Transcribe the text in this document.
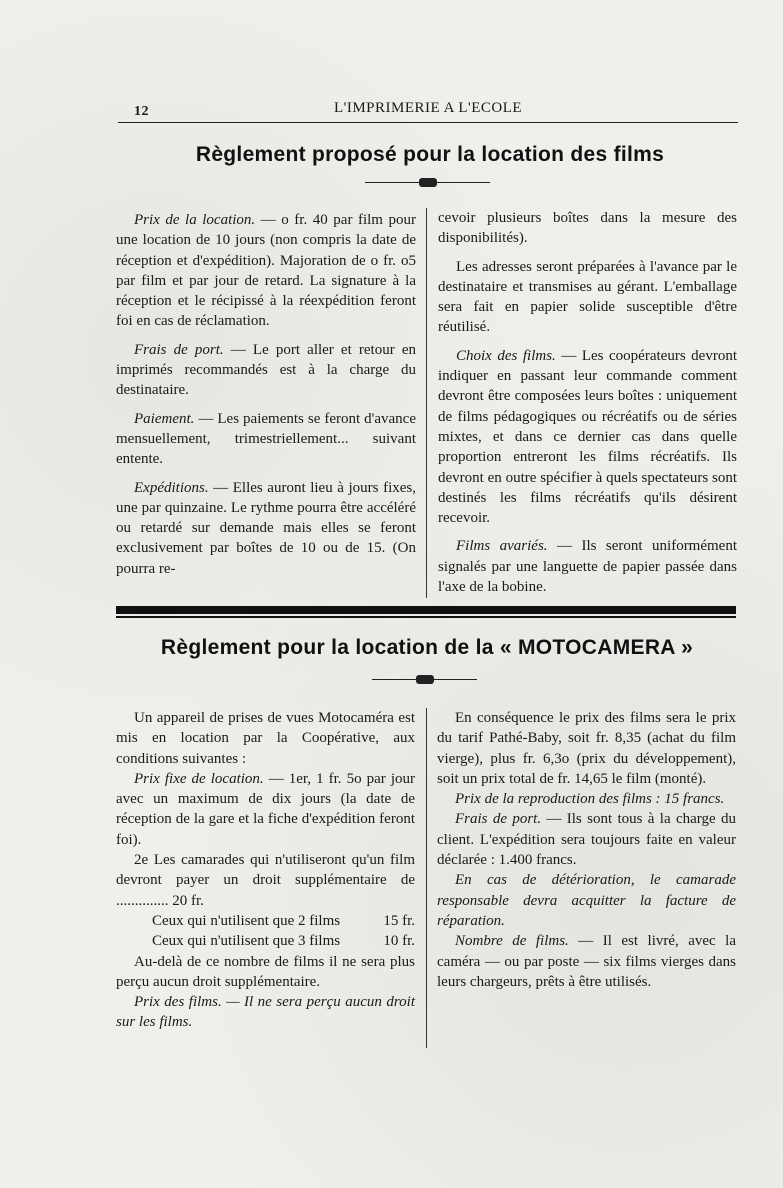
12	L'IMPRIMERIE A L'ECOLE
Règlement proposé pour la location des films

Prix de la location. — o fr. 40 par film pour une location de 10 jours (non compris la date de réception et d'expédition). Majoration de o fr. o5 par film et par jour de retard. La signature à la réception et le récipissé à la réexpédition feront foi en cas de réclamation.

Frais de port. — Le port aller et retour en imprimés recommandés est à la charge du destinataire.

Paiement. — Les paiements se feront d'avance mensuellement, trimestriellement... suivant entente.

Expéditions. — Elles auront lieu à jours fixes, une par quinzaine. Le rythme pourra être accéléré ou retardé sur demande mais elles se feront exclusivement par boîtes de 10 ou de 15. (On pourra re-

cevoir plusieurs boîtes dans la mesure des disponibilités).

Les adresses seront préparées à l'avance par le destinataire et transmises au gérant. L'emballage sera fait en papier solide susceptible d'être réutilisé.

Choix des films. — Les coopérateurs devront indiquer en passant leur commande comment devront être composées leurs boîtes : uniquement de films pédagogiques ou récréatifs ou de séries mixtes, et dans ce dernier cas dans quelle proportion entreront les films récréatifs. Ils devront en outre spécifier à quels spectateurs sont destinés les films récréatifs qu'ils désirent recevoir.

Films avariés. — Ils seront uniformément signalés par une languette de papier passée dans l'axe de la bobine.

Règlement pour la location de la « MOTOCAMERA »

Un appareil de prises de vues Motocaméra est mis en location par la Coopérative, aux conditions suivantes :

Prix fixe de location. — 1er, 1 fr. 5o par jour avec un maximum de dix jours (la date de réception de la gare et la fiche d'expédition feront foi).

2e Les camarades qui n'utiliseront qu'un film devront payer un droit supplémentaire de .............. 20 fr.

Ceux qui n'utilisent que 2 films	15 fr.

Ceux qui n'utilisent que 3 films	10 fr.

Au-delà de ce nombre de films il ne sera plus perçu aucun droit supplémentaire.

Prix des films. — Il ne sera perçu aucun droit sur les films.

En conséquence le prix des films sera le prix du tarif Pathé-Baby, soit fr. 8,35 (achat du film vierge), plus fr. 6,3o (prix du développement), soit un prix total de fr. 14,65 le film (monté).

Prix de la reproduction des films : 15 francs.

Frais de port. — Ils sont tous à la charge du client. L'expédition sera toujours faite en valeur déclarée : 1.400 francs.

En cas de détérioration, le camarade responsable devra acquitter la facture de réparation.

Nombre de films. — Il est livré, avec la caméra — ou par poste — six films vierges dans leurs chargeurs, prêts à être utilisés.
